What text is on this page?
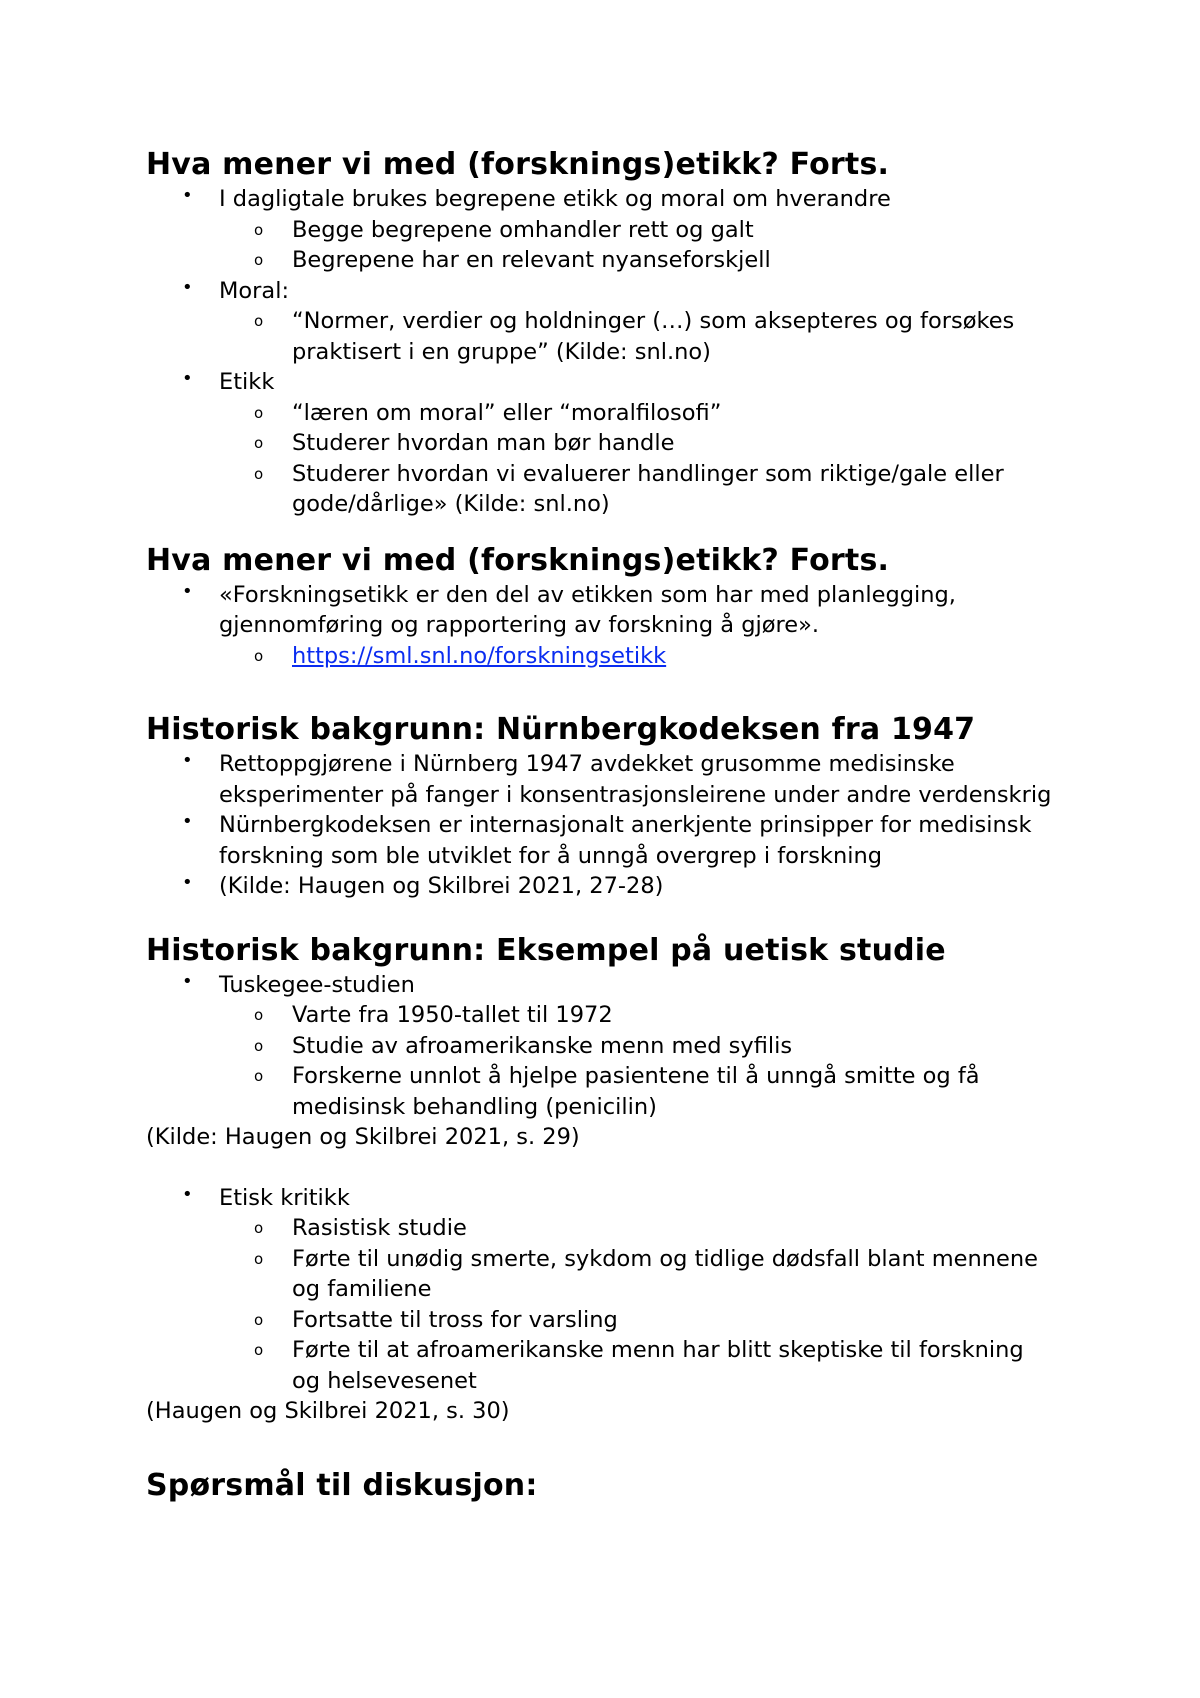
Hva mener vi med (forsknings)etikk? Forts.
• I dagligtale brukes begrepene etikk og moral om hverandre
o Begge begrepene omhandler rett og galt
o Begrepene har en relevant nyanseforskjell
• Moral:
o “Normer, verdier og holdninger (…) som aksepteres og forsøkes praktisert i en gruppe” (Kilde: snl.no)
• Etikk
o “læren om moral” eller “moralfilosofi”
o Studerer hvordan man bør handle
o Studerer hvordan vi evaluerer handlinger som riktige/gale eller gode/dårlige» (Kilde: snl.no)
Hva mener vi med (forsknings)etikk? Forts.
• «Forskningsetikk er den del av etikken som har med planlegging, gjennomføring og rapportering av forskning å gjøre».
o https://sml.snl.no/forskningsetikk
Historisk bakgrunn: Nürnbergkodeksen fra 1947
• Rettoppgjørene i Nürnberg 1947 avdekket grusomme medisinske eksperimenter på fanger i konsentrasjonsleirene under andre verdenskrig
• Nürnbergkodeksen er internasjonalt anerkjente prinsipper for medisinsk forskning som ble utviklet for å unngå overgrep i forskning
• (Kilde: Haugen og Skilbrei 2021, 27-28)
Historisk bakgrunn: Eksempel på uetisk studie
• Tuskegee-studien
o Varte fra 1950-tallet til 1972
o Studie av afroamerikanske menn med syfilis
o Forskerne unnlot å hjelpe pasientene til å unngå smitte og få medisinsk behandling (penicilin)
(Kilde: Haugen og Skilbrei 2021, s. 29)
• Etisk kritikk
o Rasistisk studie
o Førte til unødig smerte, sykdom og tidlige dødsfall blant mennene og familiene
o Fortsatte til tross for varsling
o Førte til at afroamerikanske menn har blitt skeptiske til forskning og helsevesenet
(Haugen og Skilbrei 2021, s. 30)
Spørsmål til diskusjon:
